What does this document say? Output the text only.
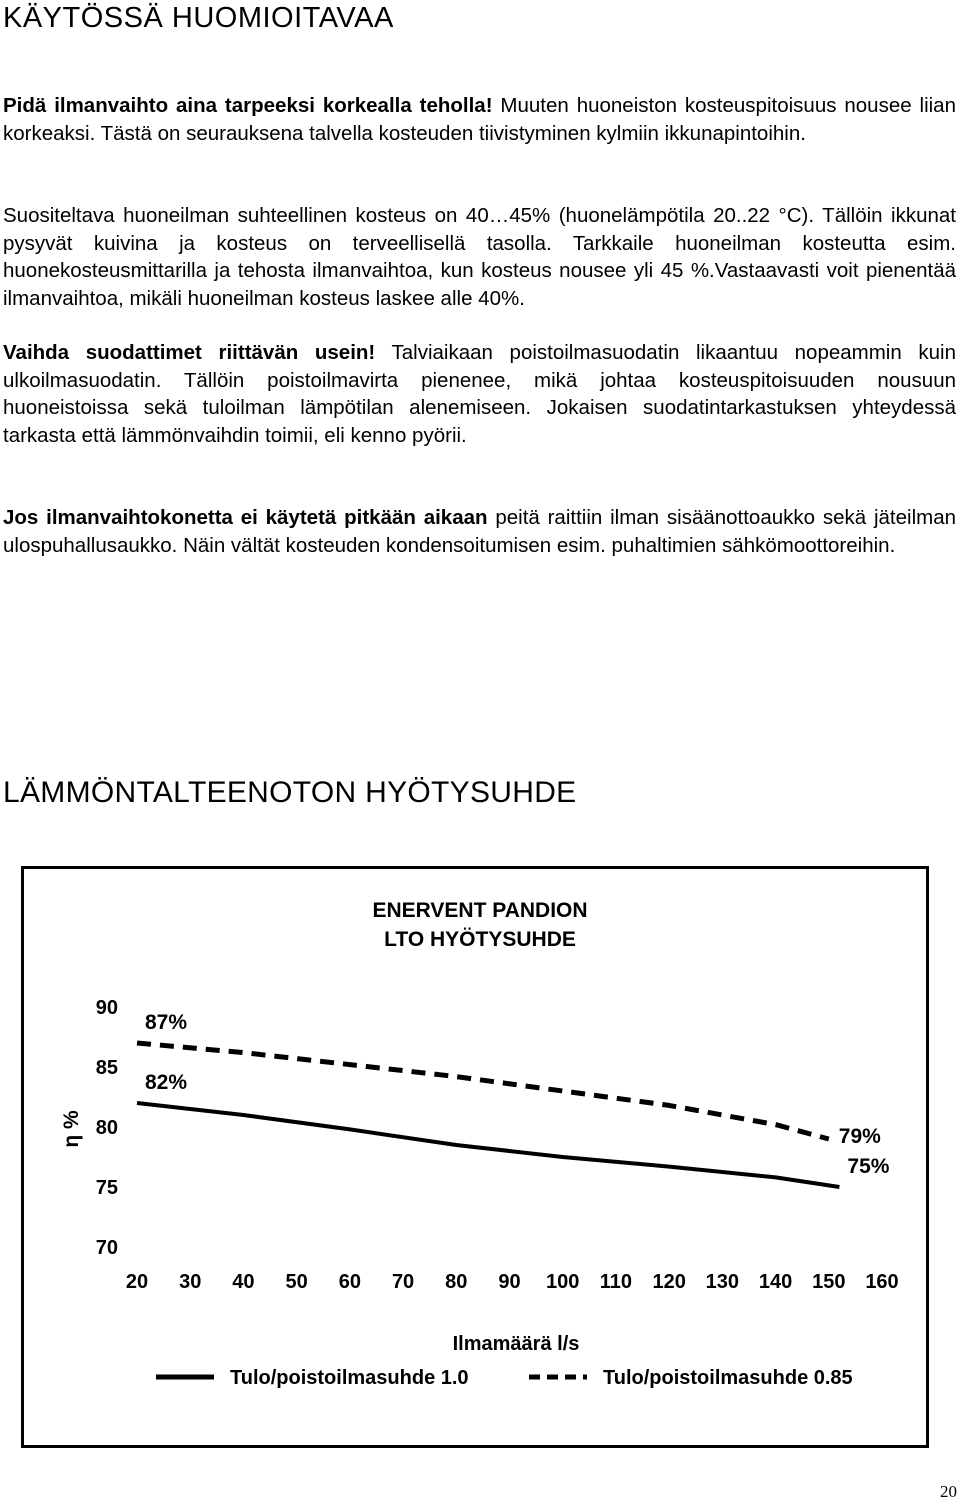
KÄYTÖSSÄ HUOMIOITAVAA

Pidä ilmanvaihto aina tarpeeksi korkealla teholla! Muuten huoneiston kosteuspitoisuus nousee liian korkeaksi. Tästä on seurauksena talvella kosteuden tiivistyminen kylmiin ikkunapintoihin.

Suositeltava huoneilman suhteellinen kosteus on 40…45% (huonelämpötila 20..22 °C). Tällöin ikkunat pysyvät kuivina ja kosteus on terveellisellä tasolla. Tarkkaile huoneilman kosteutta esim. huonekosteusmittarilla ja tehosta ilmanvaihtoa, kun kosteus nousee yli 45 %.Vastaavasti voit pienentää ilmanvaihtoa, mikäli huoneilman kosteus laskee alle 40%.

Vaihda suodattimet riittävän usein! Talviaikaan poistoilmasuodatin likaantuu nopeammin kuin ulkoilmasuodatin. Tällöin poistoilmavirta pienenee, mikä johtaa kosteuspitoisuuden nousuun huoneistoissa sekä tuloilman lämpötilan alenemiseen. Jokaisen suodatintarkastuksen yhteydessä tarkasta että lämmönvaihdin toimii, eli kenno pyörii.

Jos ilmanvaihtokonetta ei käytetä pitkään aikaan peitä raittiin ilman sisäänottoaukko sekä jäteilman ulospuhallusaukko. Näin vältät kosteuden kondensoitumisen esim. puhaltimien sähkömoottoreihin.

LÄMMÖNTALTEENOTON HYÖTYSUHDE
ENERVENT PANDION
LTO HYÖTYSUHDE
η %
Ilmamäärä l/s
90
85
80
75
70
20 30 40 50 60 70 80 90 100 110 120 130 140 150 160
87%
82%
79%
75%
Tulo/poistoilmasuhde 1.0	Tulo/poistoilmasuhde 0.85
20
